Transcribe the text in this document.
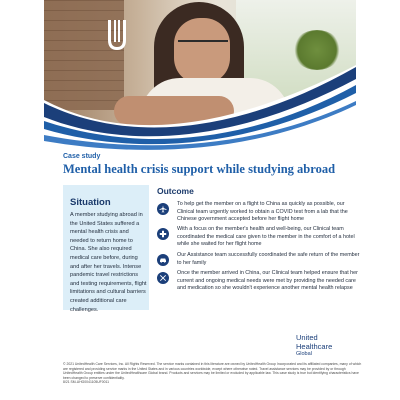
Case study
Mental health crisis support while studying abroad
Situation
A member studying abroad in the United States suffered a mental health crisis and needed to return home to China. She also required medical care before, during and after her travels. Intense pandemic travel restrictions and testing requirements, flight limitations and cultural barriers created additional care challenges.
Outcome
To help get the member on a flight to China as quickly as possible, our Clinical team urgently worked to obtain a COVID test from a lab that the Chinese government accepted before her flight home
With a focus on the member's health and well-being, our Clinical team coordinated the medical care given to the member in the comfort of a hotel while she waited for her flight home
Our Assistance team successfully coordinated the safe return of the member to her family
Once the member arrived in China, our Clinical team helped ensure that her current and ongoing medical needs were met by providing the needed care and medication so she wouldn't experience another mental health relapse
United
Healthcare
Global
© 2021 UnitedHealth Care Services, Inc. All Rights Reserved. The service marks contained in this literature are owned by UnitedHealth Group Incorporated and its affiliated companies, many of which are registered and providing service marks in the United States and in various countries worldwide, except where otherwise noted. Travel assistance services may be provided by or through UnitedHealth Group entities under the UnitedHealthcare Global brand. Products and services may be limited or excluded by applicable law. This case study is true but identifying characteristics have been changed to preserve confidentiality.
8/21 SM-UHG0041105UF0011
